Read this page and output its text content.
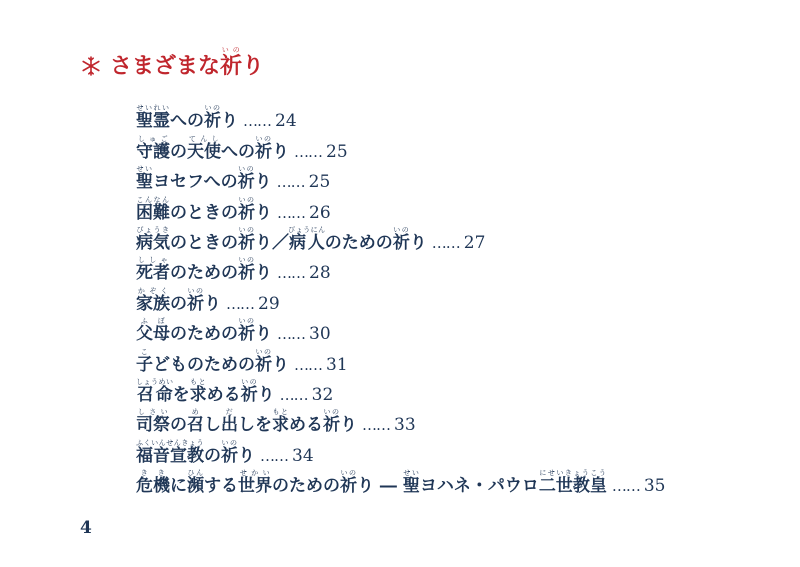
さまざまな祈いのり
聖霊せいれいへの祈いのり …… 24
守護しゅごの天使てんしへの祈いのり …… 25
聖せいヨセフへの祈いのり …… 25
困難こんなんのときの祈いのり …… 26
病気びょうきのときの祈いのり／病人びょうにんのための祈いのり …… 27
死者ししゃのための祈いのり …… 28
家族かぞくの祈いのり …… 29
父母ふぼのための祈いのり …… 30
子こどものための祈いのり …… 31
召命しょうめいを求もとめる祈いのり …… 32
司祭しさいの召めし出だしを求もとめる祈いのり …… 33
福音宣教ふくいんせんきょうの祈いのり …… 34
危機ききに瀕ひんする世界せかいのための祈いのり ― 聖せいヨハネ・パウロ二世教皇にせいきょうこう
…… 35
4
